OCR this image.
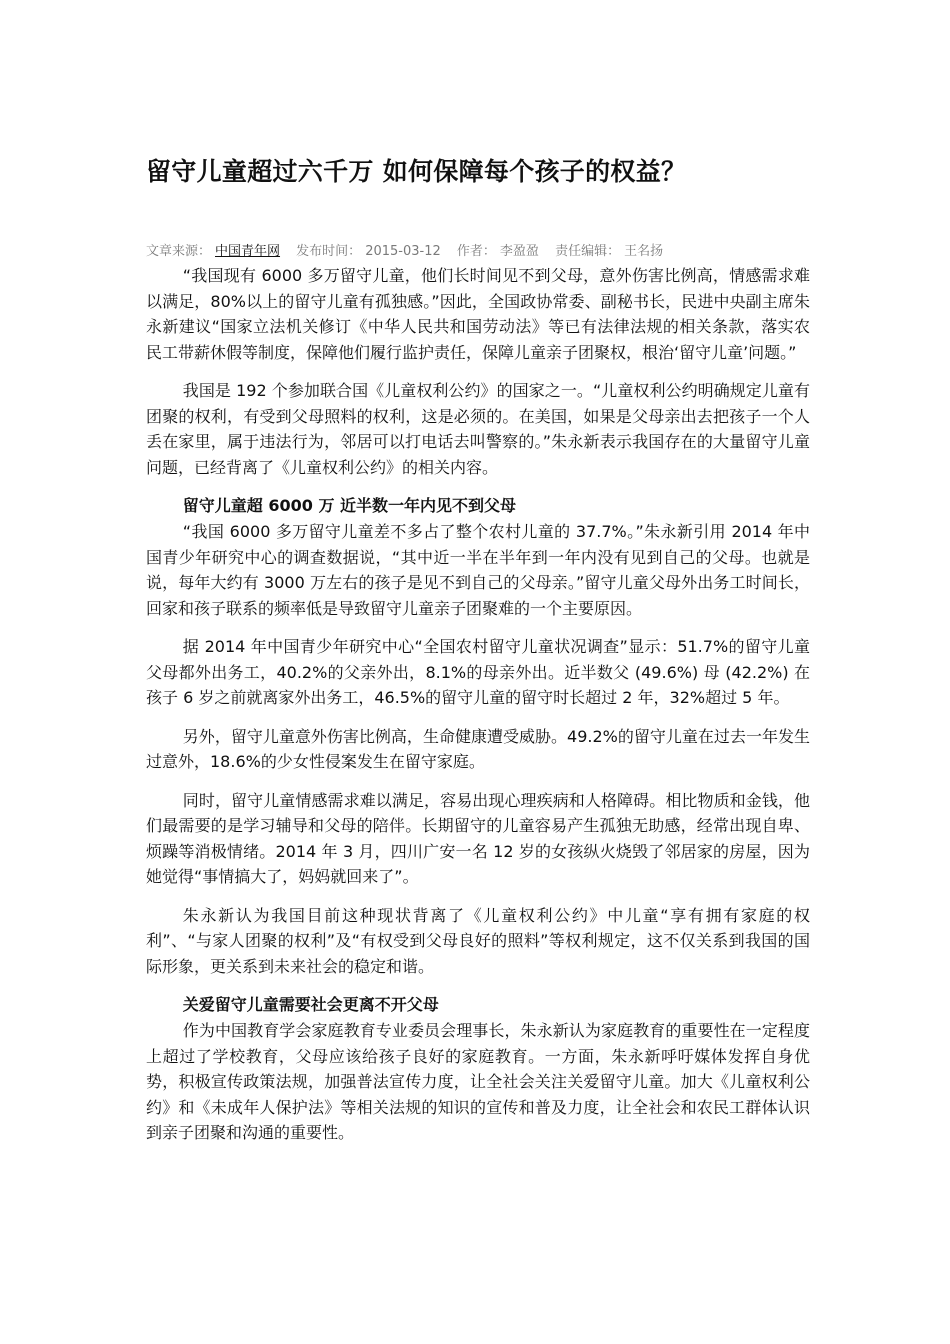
留守儿童超过六千万 如何保障每个孩子的权益？
文章来源： 中国青年网 发布时间： 2015-03-12 作者： 李盈盈 责任编辑： 王名扬

“我国现有 6000 多万留守儿童，他们长时间见不到父母，意外伤害比例高，情感需求难以满足，80%以上的留守儿童有孤独感。”因此，全国政协常委、副秘书长，民进中央副主席朱永新建议“国家立法机关修订《中华人民共和国劳动法》等已有法律法规的相关条款，落实农民工带薪休假等制度，保障他们履行监护责任，保障儿童亲子团聚权，根治‘留守儿童’问题。”

我国是 192 个参加联合国《儿童权利公约》的国家之一。“儿童权利公约明确规定儿童有团聚的权利，有受到父母照料的权利，这是必须的。在美国，如果是父母亲出去把孩子一个人丢在家里，属于违法行为，邻居可以打电话去叫警察的。”朱永新表示我国存在的大量留守儿童问题，已经背离了《儿童权利公约》的相关内容。

留守儿童超 6000 万 近半数一年内见不到父母

“我国 6000 多万留守儿童差不多占了整个农村儿童的 37.7%。”朱永新引用 2014 年中国青少年研究中心的调查数据说，“其中近一半在半年到一年内没有见到自己的父母。也就是说，每年大约有 3000 万左右的孩子是见不到自己的父母亲。”留守儿童父母外出务工时间长，回家和孩子联系的频率低是导致留守儿童亲子团聚难的一个主要原因。

据 2014 年中国青少年研究中心“全国农村留守儿童状况调查”显示：51.7%的留守儿童父母都外出务工，40.2%的父亲外出，8.1%的母亲外出。近半数父 (49.6%) 母 (42.2%) 在孩子 6 岁之前就离家外出务工，46.5%的留守儿童的留守时长超过 2 年，32%超过 5 年。

另外，留守儿童意外伤害比例高，生命健康遭受威胁。49.2%的留守儿童在过去一年发生过意外，18.6%的少女性侵案发生在留守家庭。

同时，留守儿童情感需求难以满足，容易出现心理疾病和人格障碍。相比物质和金钱，他们最需要的是学习辅导和父母的陪伴。长期留守的儿童容易产生孤独无助感，经常出现自卑、烦躁等消极情绪。2014 年 3 月，四川广安一名 12 岁的女孩纵火烧毁了邻居家的房屋，因为她觉得“事情搞大了，妈妈就回来了”。

朱永新认为我国目前这种现状背离了《儿童权利公约》中儿童“享有拥有家庭的权利”、“与家人团聚的权利”及“有权受到父母良好的照料”等权利规定，这不仅关系到我国的国际形象，更关系到未来社会的稳定和谐。

关爱留守儿童需要社会更离不开父母

作为中国教育学会家庭教育专业委员会理事长，朱永新认为家庭教育的重要性在一定程度上超过了学校教育，父母应该给孩子良好的家庭教育。一方面，朱永新呼吁媒体发挥自身优势，积极宣传政策法规，加强普法宣传力度，让全社会关注关爱留守儿童。加大《儿童权利公约》和《未成年人保护法》等相关法规的知识的宣传和普及力度，让全社会和农民工群体认识到亲子团聚和沟通的重要性。
